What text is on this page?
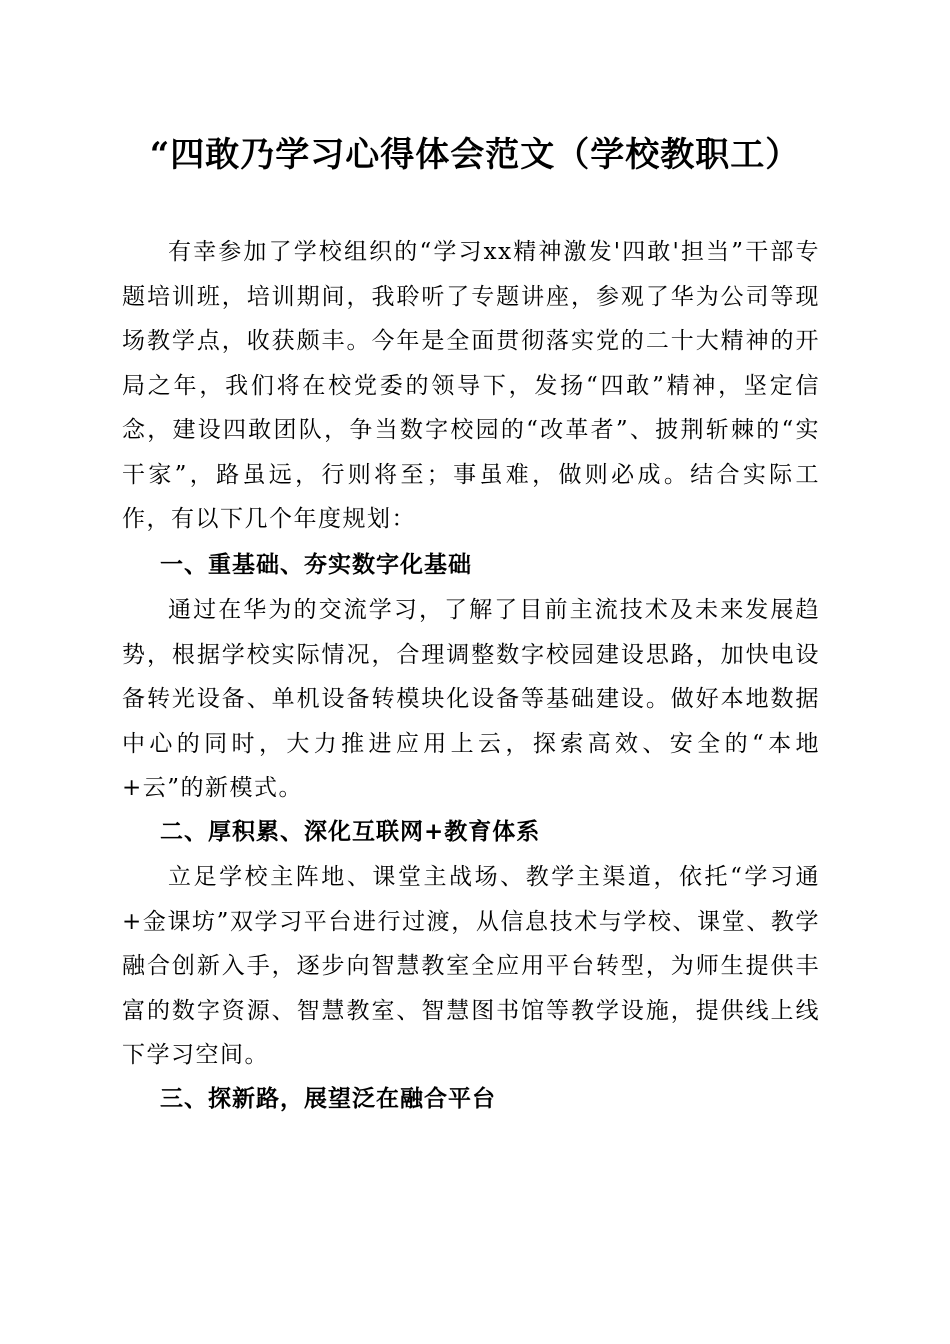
“四敢乃学习心得体会范文（学校教职工）

有幸参加了学校组织的“学习xx精神激发'四敢'担当”干部专题培训班，培训期间，我聆听了专题讲座，参观了华为公司等现场教学点，收获颇丰。今年是全面贯彻落实党的二十大精神的开局之年，我们将在校党委的领导下，发扬“四敢”精神，坚定信念，建设四敢团队，争当数字校园的“改革者”、披荆斩棘的“实干家”，路虽远，行则将至；事虽难，做则必成。结合实际工作，有以下几个年度规划：

一、重基础、夯实数字化基础

通过在华为的交流学习，了解了目前主流技术及未来发展趋势，根据学校实际情况，合理调整数字校园建设思路，加快电设备转光设备、单机设备转模块化设备等基础建设。做好本地数据中心的同时，大力推进应用上云，探索高效、安全的“本地+云”的新模式。

二、厚积累、深化互联网+教育体系

立足学校主阵地、课堂主战场、教学主渠道，依托“学习通+金课坊”双学习平台进行过渡，从信息技术与学校、课堂、教学融合创新入手，逐步向智慧教室全应用平台转型，为师生提供丰富的数字资源、智慧教室、智慧图书馆等教学设施，提供线上线下学习空间。

三、探新路，展望泛在融合平台
